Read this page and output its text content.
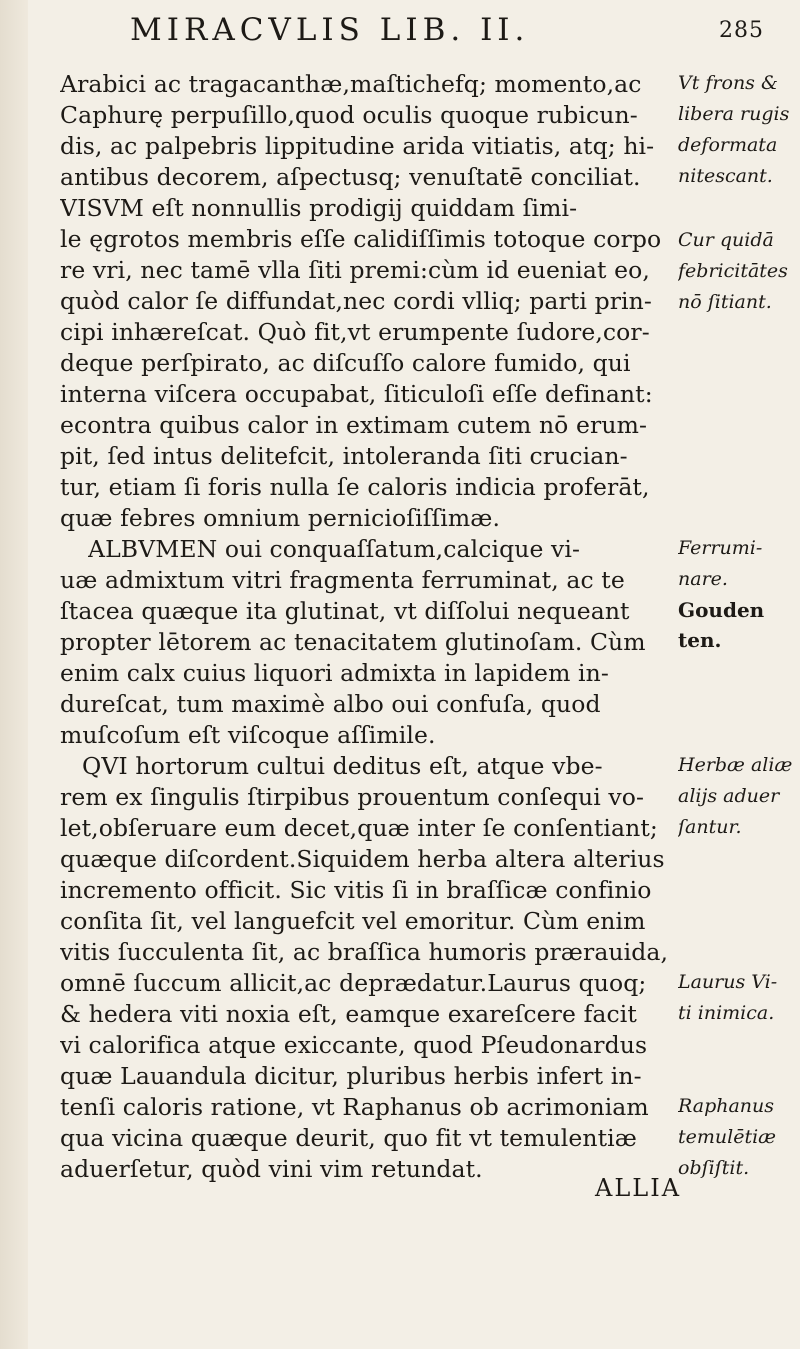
MIRACVLIS LIB. II.	285
Arabici ac tragacanthæ,maſtichefq; momento,ac
Caphurę perpuſillo,quod oculis quoque rubicun-
dis, ac palpebris lippitudine arida vitiatis, atq; hi-
antibus decorem, aſpectusq; venuſtatē conciliat.
VISVM eſt nonnullis prodigij quiddam ſimi-
le ęgrotos membris eſſe calidiſſimis totoque corpo
re vri, nec tamē vlla ſiti premi:cùm id eueniat eo,
quòd calor ſe diffundat,nec cordi vlliq; parti prin-
cipi inhæreſcat. Quò fit,vt erumpente ſudore,cor-
deque perſpirato, ac diſcuſſo calore fumido, qui
interna viſcera occupabat, ſiticuloſi eſſe definant:
econtra quibus calor in extimam cutem nō erum-
pit, ſed intus delitefcit, intoleranda ſiti crucian-
tur, etiam ſi foris nulla ſe caloris indicia proferāt,
quæ febres omnium pernicioſiſſimæ.
ALBVMEN oui conquaſſatum,calcique vi-
uæ admixtum vitri fragmenta ferruminat, ac te
ſtacea quæque ita glutinat, vt diſſolui nequeant
propter lētorem ac tenacitatem glutinoſam. Cùm
enim calx cuius liquori admixta in lapidem in-
dureſcat, tum maximè albo oui confuſa, quod
muſcoſum eſt viſcoque aſſimile.
QVI hortorum cultui deditus eſt, atque vbe-
rem ex ſingulis ſtirpibus prouentum conſequi vo-
let,obſeruare eum decet,quæ inter ſe conſentiant;
quæque diſcordent.Siquidem herba altera alterius
incremento officit. Sic vitis ſi in braſſicæ confinio
conſita ſit, vel languefcit vel emoritur. Cùm enim
vitis ſucculenta ſit, ac braſſica humoris prærauida,
omnē ſuccum allicit,ac deprædatur.Laurus quoq;
& hedera viti noxia eſt, eamque exareſcere facit
vi calorifica atque exiccante, quod Pſeudonardus
quæ Lauandula dicitur, pluribus herbis infert in-
tenſi caloris ratione, vt Raphanus ob acrimoniam
qua vicina quæque deurit, quo fit vt temulentiæ
aduerſetur, quòd vini vim retundat.
Vt frons &
libera rugis
deformata
nitescant.
Cur quidā
febricitātes
nō ſitiant.
Ferrumi-
nare.
Gouden
ten.
Herbæ aliæ
alijs aduer
ſantur.
Laurus Vi-
ti inimica.
Raphanus
temulētiæ
obſiſtit.
ALLIA
